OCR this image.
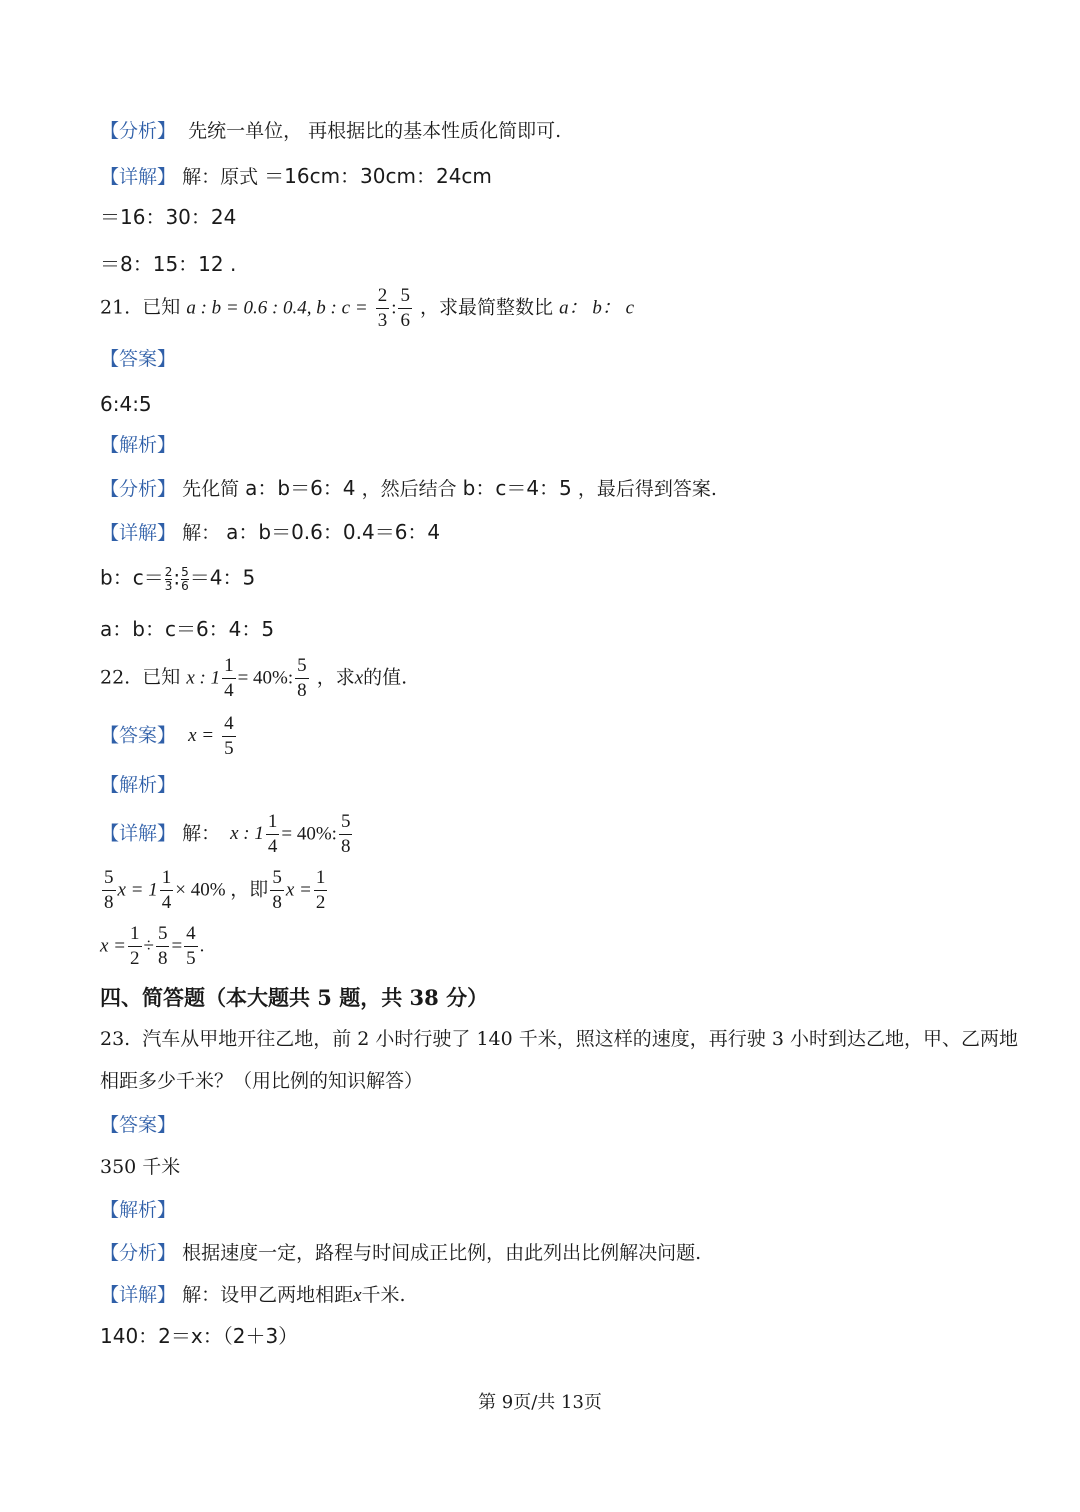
【分析】 先统一单位， 再根据比的基本性质化简即可.
【详解】 解：原式 ＝16cm：30cm：24cm
＝16：30：24
＝8：15：12 .
21. 已知 a : b = 0.6 : 0.4, b : $c = \frac{2}{3}$ : $\frac{5}{6}$ ，求最简整数比 a： b： c
【答案】
6:4:5
【解析】
【分析】 先化简 a：b＝6：4 ，然后结合 b：c＝4：5 ，最后得到答案.
【详解】 解： a：b＝0.6：0.4＝6：4
b：$c= \frac{2}{3}$ : $\frac{5}{6} =4$：5
a：b：c＝6：4：5
22. 已知 x : $1 \frac{1}{4} = 40\%$: $\frac{5}{8}$ ，求x的值.
【答案】 $x = \frac{4}{5}$
【解析】
【详解】 解： x : $1 \frac{1}{4} = 40\%$: $\frac{5}{8}$
$\frac{5}{8}$ $x = 1 \frac{1}{4} \times 40\%$ ，即 $\frac{5}{8}$ $x = \frac{1}{2}$
$x = \frac{1}{2} \div \frac{5}{8} = \frac{4}{5}$ .
四、简答题（本大题共 5 题，共 38 分）
23. 汽车从甲地开往乙地，前 2 小时行驶了 140 千米，照这样的速度，再行驶 3 小时到达乙地，甲、乙两地
相距多少千米？（用比例的知识解答）
【答案】
350 千米
【解析】
【分析】 根据速度一定，路程与时间成正比例，由此列出比例解决问题.
【详解】 解：设甲乙两地相距x千米.
140：2＝x：（2＋3）
第 9页/共 13页
